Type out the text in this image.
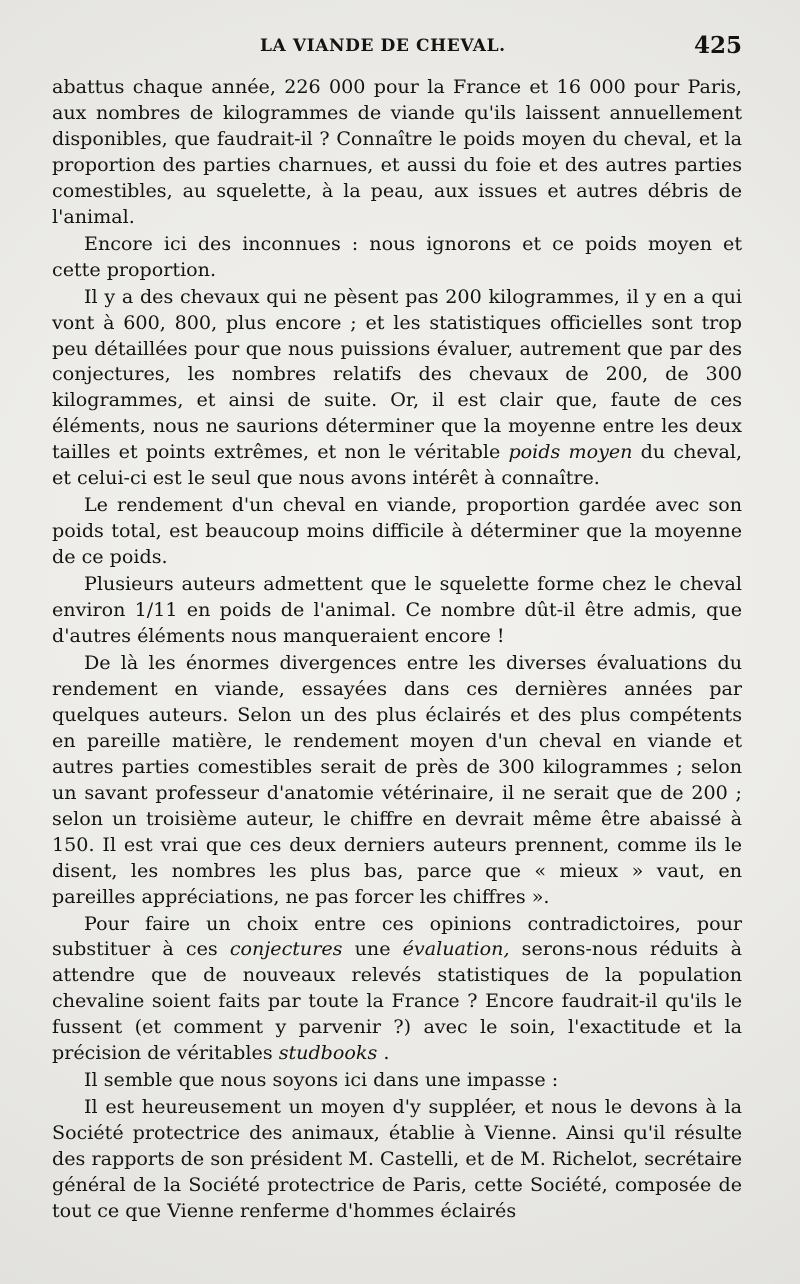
LA VIANDE DE CHEVAL.	425

abattus chaque année, 226 000 pour la France et 16 000 pour Paris, aux nombres de kilogrammes de viande qu'ils laissent annuellement disponibles, que faudrait-il ? Connaître le poids moyen du cheval, et la proportion des parties charnues, et aussi du foie et des autres parties comestibles, au squelette, à la peau, aux issues et autres débris de l'animal.

Encore ici des inconnues : nous ignorons et ce poids moyen et cette proportion.

Il y a des chevaux qui ne pèsent pas 200 kilogrammes, il y en a qui vont à 600, 800, plus encore ; et les statistiques officielles sont trop peu détaillées pour que nous puissions évaluer, autrement que par des conjectures, les nombres relatifs des chevaux de 200, de 300 kilogrammes, et ainsi de suite. Or, il est clair que, faute de ces éléments, nous ne saurions déterminer que la moyenne entre les deux tailles et points extrêmes, et non le véritable poids moyen du cheval, et celui-ci est le seul que nous avons intérêt à connaître.

Le rendement d'un cheval en viande, proportion gardée avec son poids total, est beaucoup moins difficile à déterminer que la moyenne de ce poids.

Plusieurs auteurs admettent que le squelette forme chez le cheval environ 1/11 en poids de l'animal. Ce nombre dût-il être admis, que d'autres éléments nous manqueraient encore !

De là les énormes divergences entre les diverses évaluations du rendement en viande, essayées dans ces dernières années par quelques auteurs. Selon un des plus éclairés et des plus compétents en pareille matière, le rendement moyen d'un cheval en viande et autres parties comestibles serait de près de 300 kilogrammes ; selon un savant professeur d'anatomie vétérinaire, il ne serait que de 200 ; selon un troisième auteur, le chiffre en devrait même être abaissé à 150. Il est vrai que ces deux derniers auteurs prennent, comme ils le disent, les nombres les plus bas, parce que « mieux » vaut, en pareilles appréciations, ne pas forcer les chiffres ».

Pour faire un choix entre ces opinions contradictoires, pour substituer à ces conjectures une évaluation, serons-nous réduits à attendre que de nouveaux relevés statistiques de la population chevaline soient faits par toute la France ? Encore faudrait-il qu'ils le fussent (et comment y parvenir ?) avec le soin, l'exactitude et la précision de véritables studbooks .

Il semble que nous soyons ici dans une impasse :

Il est heureusement un moyen d'y suppléer, et nous le devons à la Société protectrice des animaux, établie à Vienne. Ainsi qu'il résulte des rapports de son président M. Castelli, et de M. Richelot, secrétaire général de la Société protectrice de Paris, cette Société, composée de tout ce que Vienne renferme d'hommes éclairés
